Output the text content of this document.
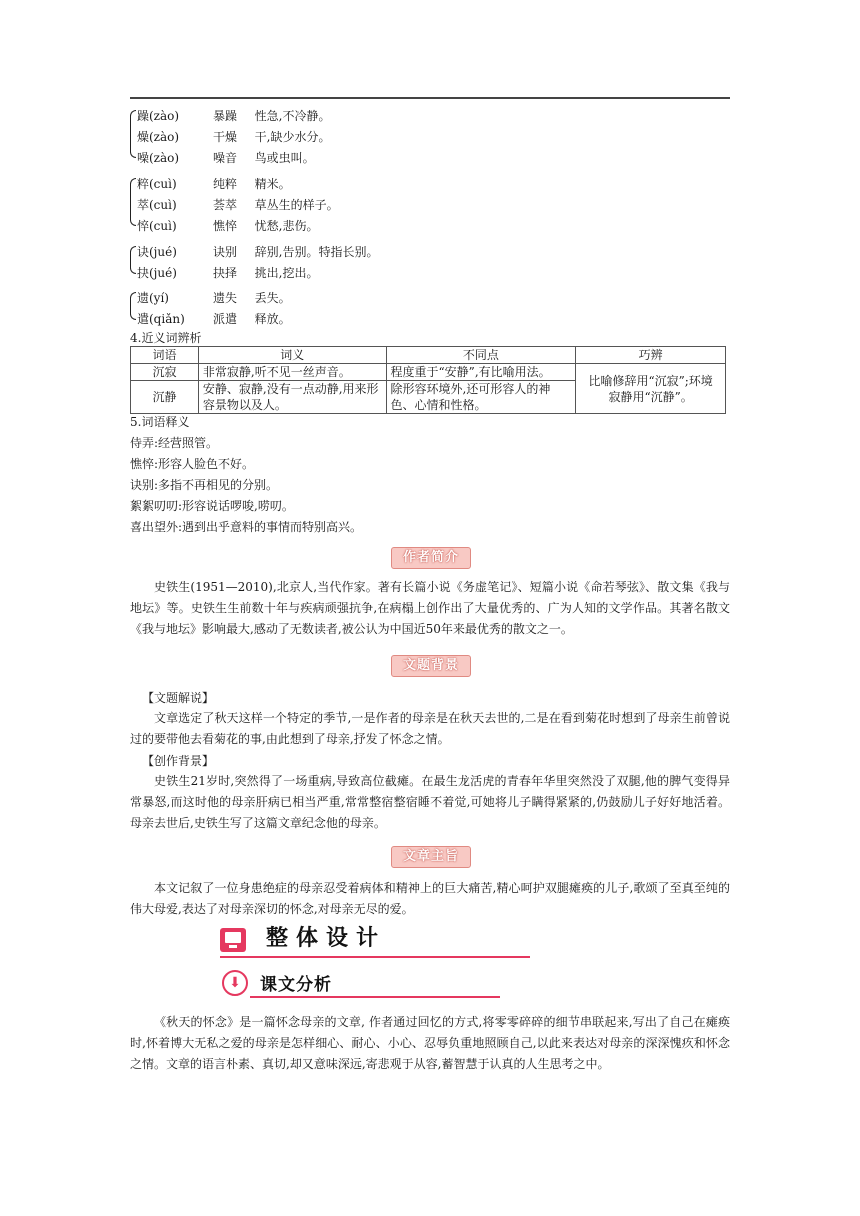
躁(zào)	暴躁 性急,不冷静。
燥(zào)	干燥 干,缺少水分。
噪(zào)	噪音 鸟或虫叫。
粹(cuì)	纯粹 精米。
萃(cuì)	荟萃 草丛生的样子。
悴(cuì)	憔悴 忧愁,悲伤。
诀(jué)	诀别 辞别,告别。特指长别。
抉(jué)	抉择 挑出,挖出。
遗(yí)	遗失 丢失。
遣(qiǎn) 派遣 释放。
4.近义词辨析
词语	词义	不同点	巧辨
沉寂	非常寂静,听不见一丝声音。	程度重于“安静”,有比喻用法。	比喻修辞用“沉寂”;环境寂静用“沉静”。
沉静	安静、寂静,没有一点动静,用来形容景物以及人。	除形容环境外,还可形容人的神色、心情和性格。	
5.词语释义
侍弄:经营照管。
憔悴:形容人脸色不好。
诀别:多指不再相见的分别。
絮絮叨叨:形容说话啰唆,唠叨。
喜出望外:遇到出乎意料的事情而特别高兴。
作者简介
史铁生(1951—2010),北京人,当代作家。著有长篇小说《务虚笔记》、短篇小说《命若琴弦》、散文集《我与地坛》等。史铁生生前数十年与疾病顽强抗争,在病榻上创作出了大量优秀的、广为人知的文学作品。其著名散文《我与地坛》影响最大,感动了无数读者,被公认为中国近50年来最优秀的散文之一。
文题背景
【文题解说】
文章选定了秋天这样一个特定的季节,一是作者的母亲是在秋天去世的,二是在看到菊花时想到了母亲生前曾说过的要带他去看菊花的事,由此想到了母亲,抒发了怀念之情。
【创作背景】
史铁生21岁时,突然得了一场重病,导致高位截瘫。在最生龙活虎的青春年华里突然没了双腿,他的脾气变得异常暴怒,而这时他的母亲肝病已相当严重,常常整宿整宿睡不着觉,可她将儿子瞒得紧紧的,仍鼓励儿子好好地活着。母亲去世后,史铁生写了这篇文章纪念他的母亲。
文章主旨
本文记叙了一位身患绝症的母亲忍受着病体和精神上的巨大痛苦,精心呵护双腿瘫痪的儿子,歌颂了至真至纯的伟大母爱,表达了对母亲深切的怀念,对母亲无尽的爱。
整体设计
⬇
课文分析
《秋天的怀念》是一篇怀念母亲的文章, 作者通过回忆的方式,将零零碎碎的细节串联起来,写出了自己在瘫痪时,怀着博大无私之爱的母亲是怎样细心、耐心、小心、忍辱负重地照顾自己,以此来表达对母亲的深深愧疚和怀念之情。文章的语言朴素、真切,却又意味深远,寄悲观于从容,蓄智慧于认真的人生思考之中。
